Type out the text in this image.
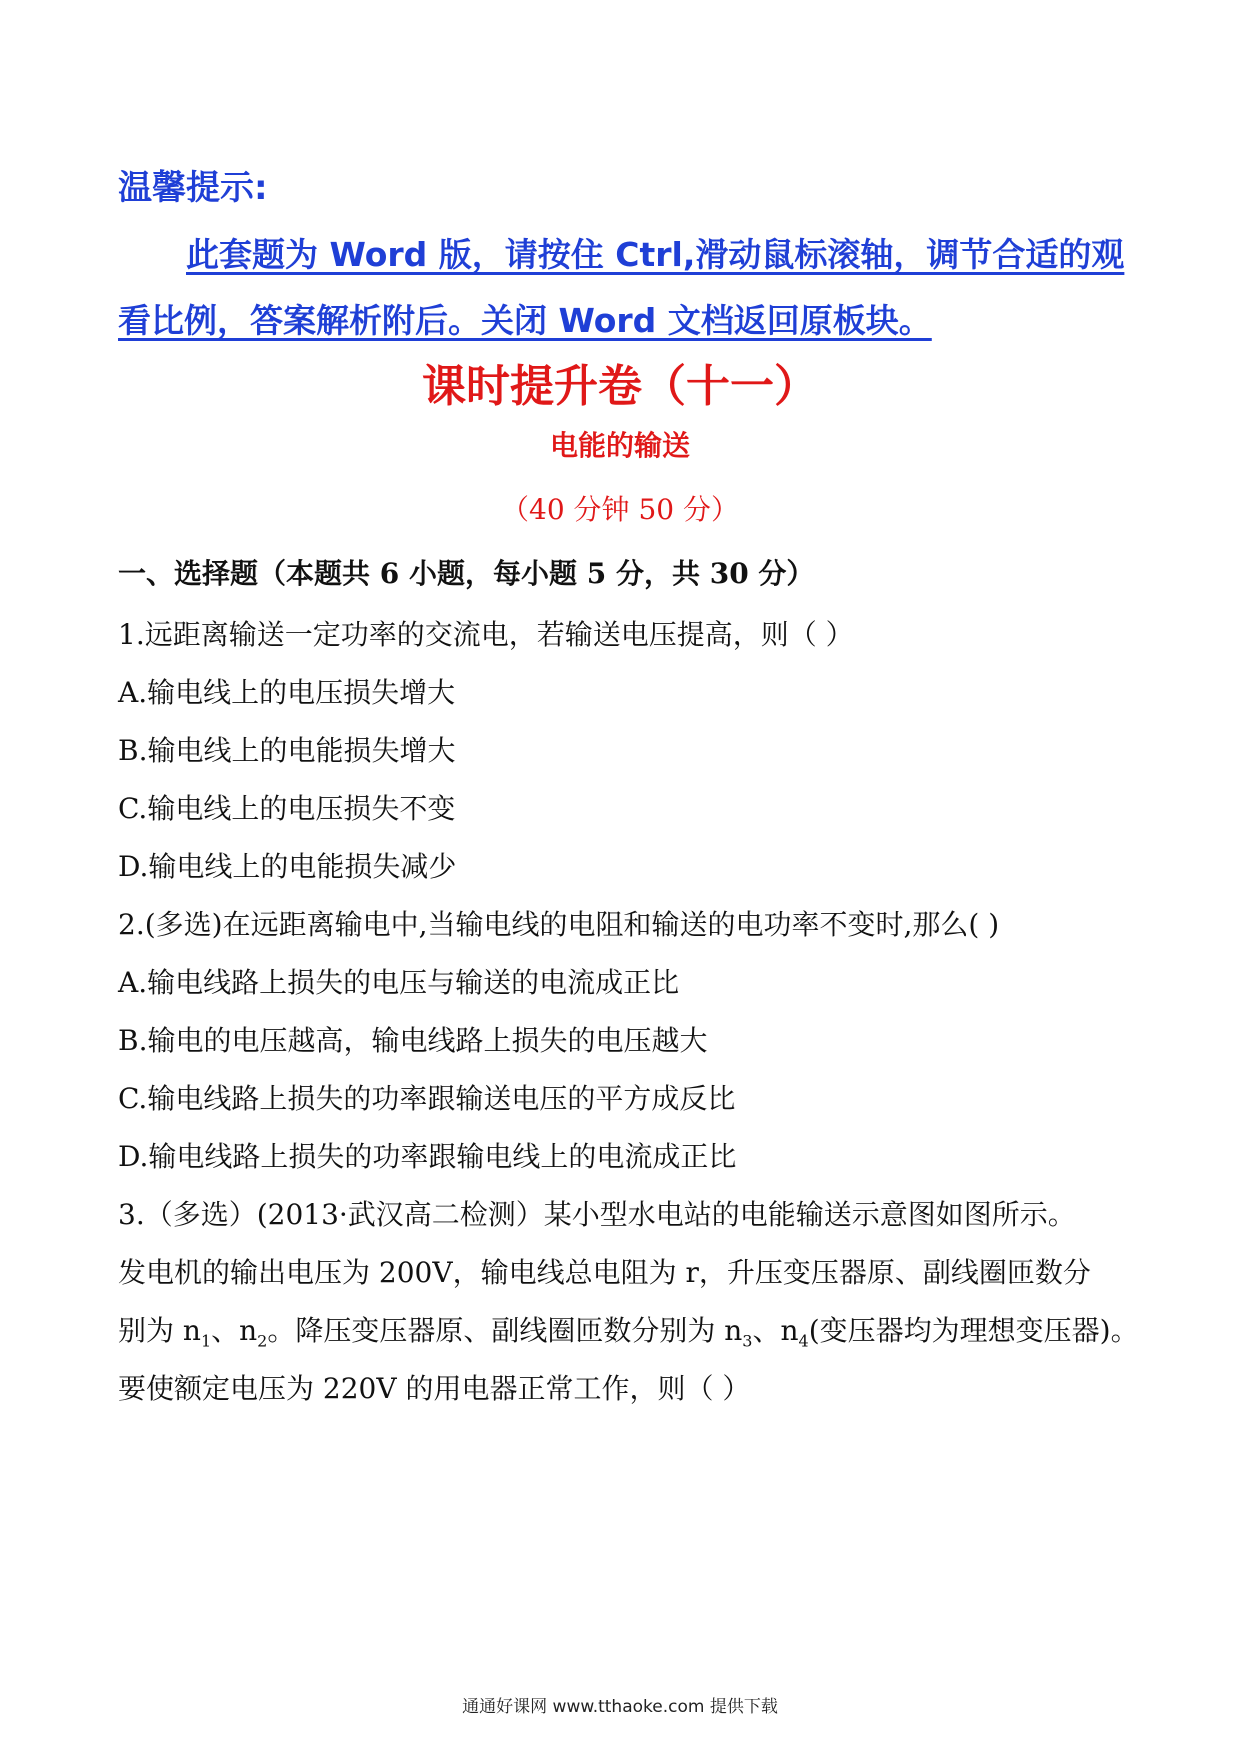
温馨提示:
此套题为 Word 版，请按住 Ctrl,滑动鼠标滚轴，调节合适的观
看比例，答案解析附后。关闭 Word 文档返回原板块。
课时提升卷（十一）
电能的输送
（40 分钟 50 分）
一、选择题（本题共 6 小题，每小题 5 分，共 30 分）
1.远距离输送一定功率的交流电，若输送电压提高，则（ ）
A.输电线上的电压损失增大
B.输电线上的电能损失增大
C.输电线上的电压损失不变
D.输电线上的电能损失减少
2.(多选)在远距离输电中,当输电线的电阻和输送的电功率不变时,那么( )
A.输电线路上损失的电压与输送的电流成正比
B.输电的电压越高，输电线路上损失的电压越大
C.输电线路上损失的功率跟输送电压的平方成反比
D.输电线路上损失的功率跟输电线上的电流成正比
3.（多选）(2013·武汉高二检测）某小型水电站的电能输送示意图如图所示。
发电机的输出电压为 200V，输电线总电阻为 r，升压变压器原、副线圈匝数分
别为 $n_1$、$n_2$。降压变压器原、副线圈匝数分别为 $n_3$、$n_4$(变压器均为理想变压器)。
要使额定电压为 220V 的用电器正常工作，则（ ）
通通好课网 www.tthaoke.com 提供下载
